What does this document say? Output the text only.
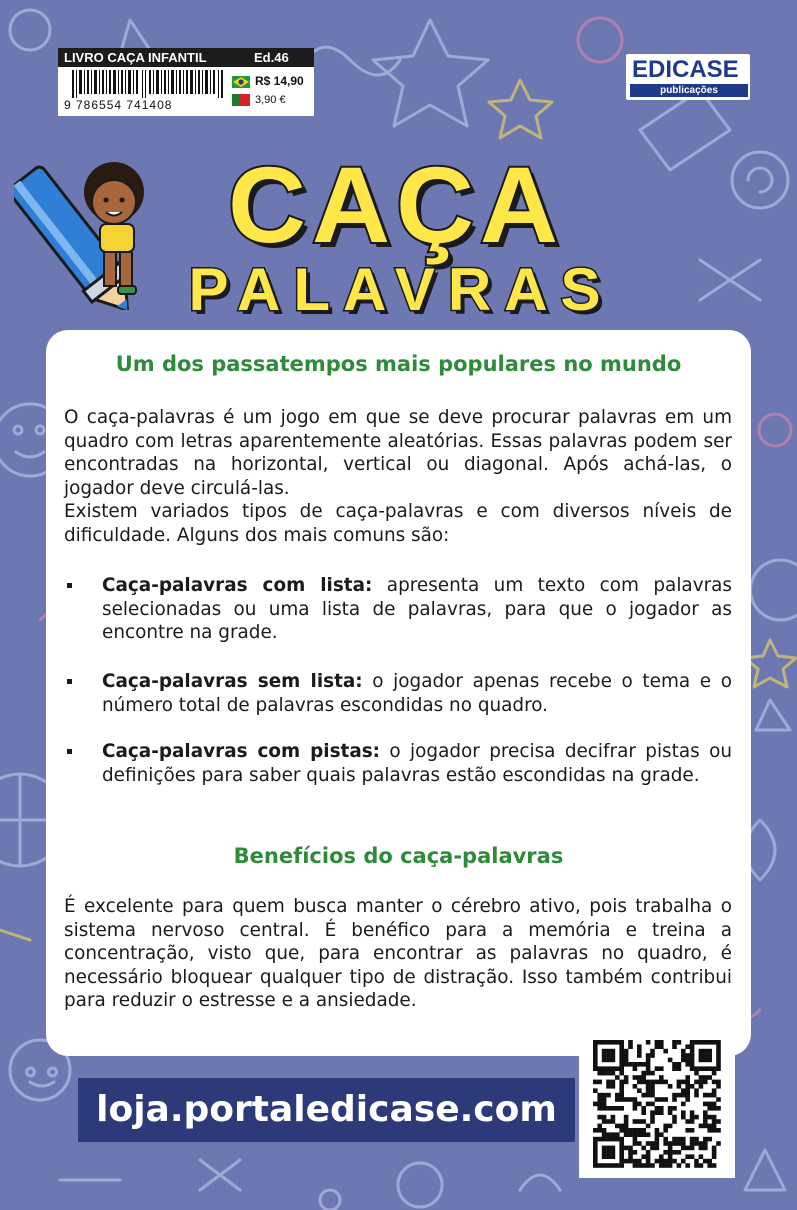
LIVRO CAÇA INFANTIL	Ed.46
9 786554 741408
R$ 14,90
3,90 €
EDICASE
publicações
CAÇA
PALAVRAS
Um dos passatempos mais populares no mundo
O caça-palavras é um jogo em que se deve procurar palavras em um quadro com letras aparentemente aleatórias. Essas palavras podem ser encontradas na horizontal, vertical ou diagonal. Após achá-las, o jogador deve circulá-las.
Existem variados tipos de caça-palavras e com diversos níveis de dificuldade. Alguns dos mais comuns são:
Caça-palavras com lista: apresenta um texto com palavras selecionadas ou uma lista de palavras, para que o jogador as encontre na grade.
Caça-palavras sem lista: o jogador apenas recebe o tema e o número total de palavras escondidas no quadro.
Caça-palavras com pistas: o jogador precisa decifrar pistas ou definições para saber quais palavras estão escondidas na grade.
Benefícios do caça-palavras
É excelente para quem busca manter o cérebro ativo, pois trabalha o sistema nervoso central. É benéfico para a memória e treina a concentração, visto que, para encontrar as palavras no quadro, é necessário bloquear qualquer tipo de distração. Isso também contribui para reduzir o estresse e a ansiedade.
loja.portaledicase.com
